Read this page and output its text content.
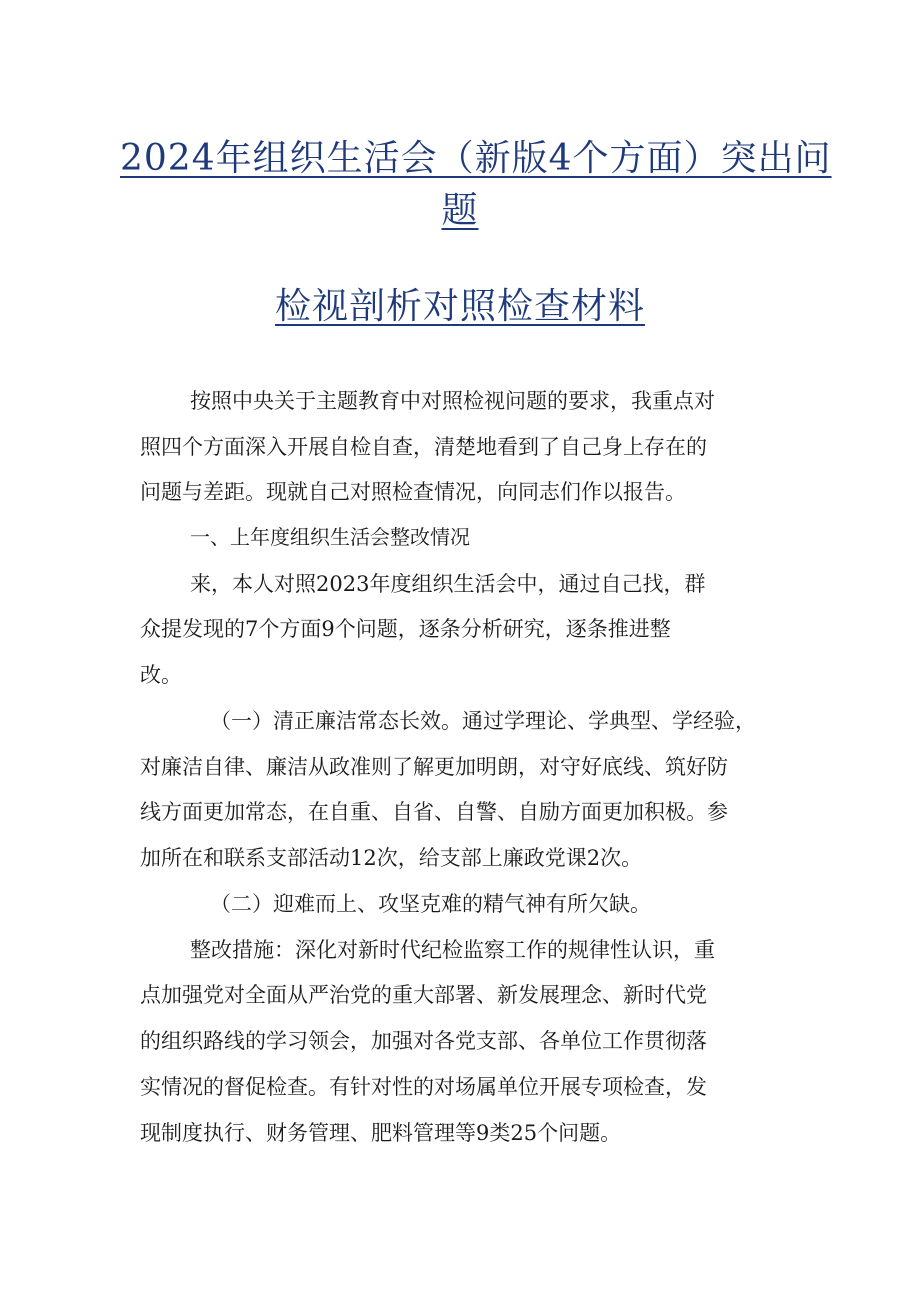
2024年组织生活会（新版4个方面）突出问
题
检视剖析对照检查材料
按照中央关于主题教育中对照检视问题的要求，我重点对
照四个方面深入开展自检自查，清楚地看到了自己身上存在的
问题与差距。现就自己对照检查情况，向同志们作以报告。
一、上年度组织生活会整改情况
来，本人对照2023年度组织生活会中，通过自己找，群
众提发现的7个方面9个问题，逐条分析研究，逐条推进整
改。
（一）清正廉洁常态长效。通过学理论、学典型、学经验，
对廉洁自律、廉洁从政准则了解更加明朗，对守好底线、筑好防
线方面更加常态，在自重、自省、自警、自励方面更加积极。参
加所在和联系支部活动12次，给支部上廉政党课2次。
（二）迎难而上、攻坚克难的精气神有所欠缺。
整改措施：深化对新时代纪检监察工作的规律性认识，重
点加强党对全面从严治党的重大部署、新发展理念、新时代党
的组织路线的学习领会，加强对各党支部、各单位工作贯彻落
实情况的督促检查。有针对性的对场属单位开展专项检查，发
现制度执行、财务管理、肥料管理等9类25个问题。
